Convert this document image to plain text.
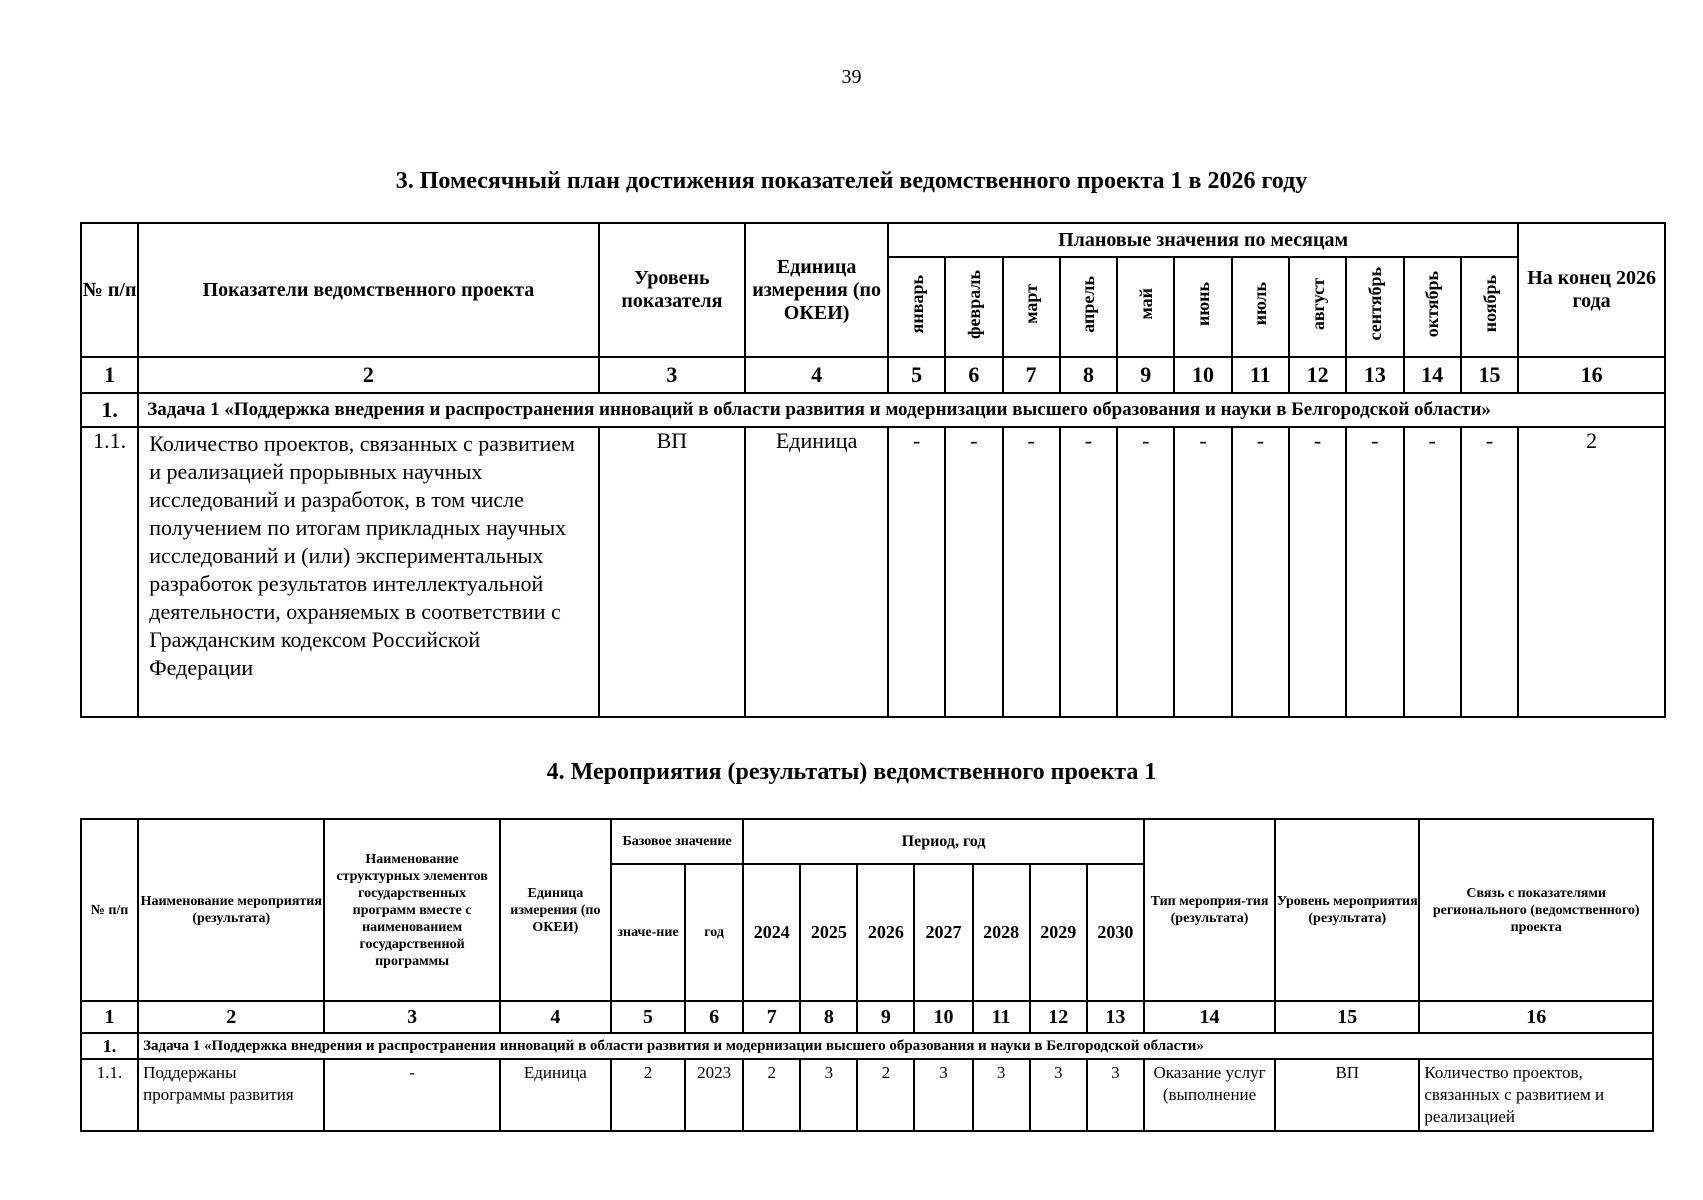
39
3. Помесячный план достижения показателей ведомственного проекта 1 в 2026 году
№ п/п	Показатели ведомственного проекта	Уровень показателя	Единица измерения (по ОКЕИ)	Плановые значения по месяцам											На конец 2026 года
				январь	февраль	март	апрель	май	июнь	июль	август	сентябрь	октябрь	ноябрь	
1	2	3	4	5	6	7	8	9	10	11	12	13	14	15	16
1.	Задача 1 «Поддержка внедрения и распространения инноваций в области развития и модернизации высшего образования и науки в Белгородской области»														
1.1.	Количество проектов, связанных с развитием и реализацией прорывных научных исследований и разработок, в том числе получением по итогам прикладных научных исследований и (или) экспериментальных разработок результатов интеллектуальной деятельности, охраняемых в соответствии с Гражданским кодексом Российской Федерации	ВП	Единица	-	-	-	-	-	-	-	-	-	-	-	2
4. Мероприятия (результаты) ведомственного проекта 1
№ п/п	Наименование мероприятия (результата)	Наименование структурных элементов государственных программ вместе с наименованием государственной программы	Единица измерения (по ОКЕИ)	Базовое значение		Период, год							Тип мероприя-тия (результата)	Уровень мероприятия (результата)	Связь с показателями регионального (ведомственного) проекта
				значе-ние	год	2024	2025	2026	2027	2028	2029	2030			
1	2	3	4	5	6	7	8	9	10	11	12	13	14	15	16
1.	Задача 1 «Поддержка внедрения и распространения инноваций в области развития и модернизации высшего образования и науки в Белгородской области»														
1.1.	Поддержаны программы развития	-	Единица	2	2023	2	3	2	3	3	3	3	Оказание услуг (выполнение	ВП	Количество проектов, связанных с развитием и реализацией
